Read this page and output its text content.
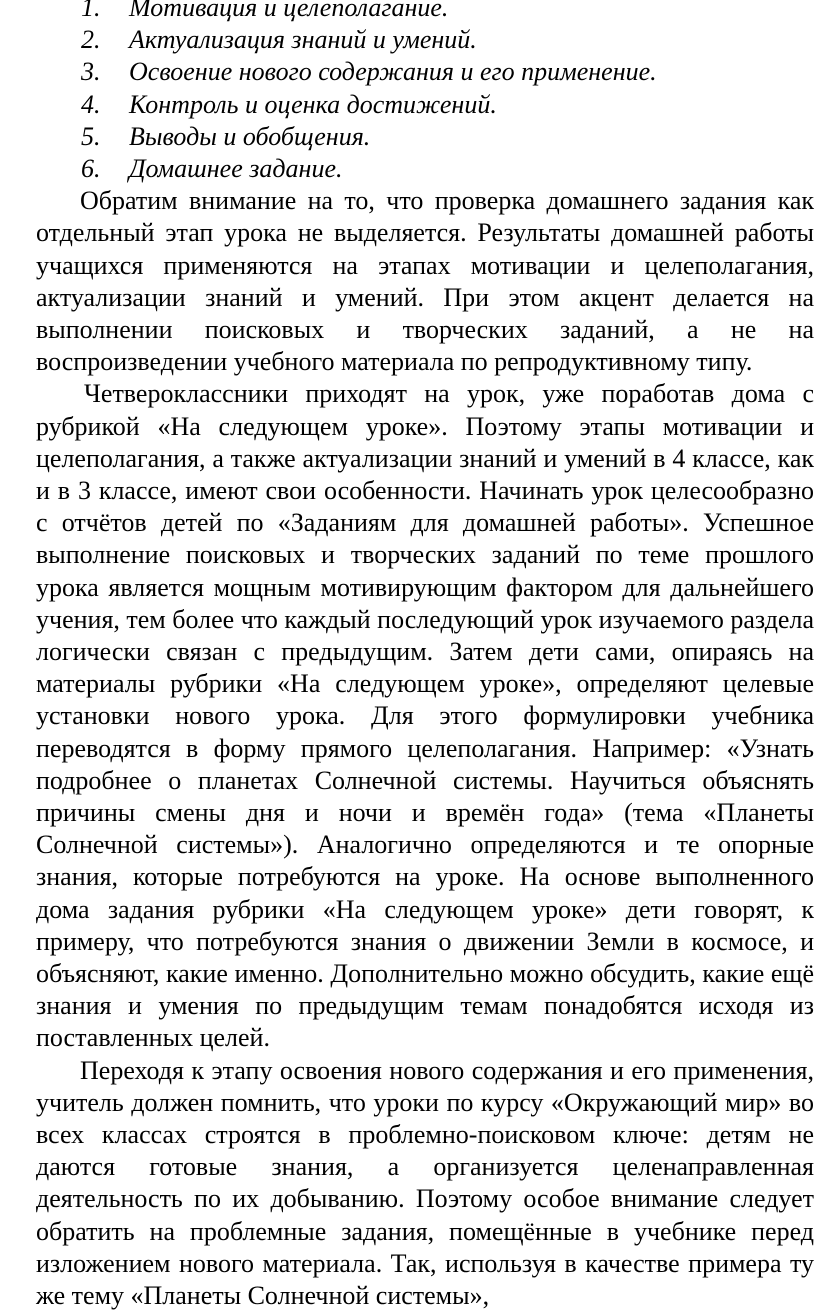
1.	Мотивация и целеполагание.
2.	Актуализация знаний и умений.
3.	Освоение нового содержания и его применение.
4.	Контроль и оценка достижений.
5.	Выводы и обобщения.
6.	Домашнее задание.

Обратим внимание на то, что проверка домашнего задания как отдельный этап урока не выделяется. Результаты домашней работы учащихся применяются на этапах мотивации и целеполагания, актуализации знаний и умений. При этом акцент делается на выполнении поисковых и творческих заданий, а не на воспроизведении учебного материала по репродуктивному типу.

Четвероклассники приходят на урок, уже поработав дома с рубрикой «На следующем уроке». Поэтому этапы мотивации и целеполагания, а также актуализации знаний и умений в 4 классе, как и в 3 классе, имеют свои особенности. Начинать урок целесообразно с отчётов детей по «Заданиям для домашней работы». Успешное выполнение поисковых и творческих заданий по теме прошлого урока является мощным мотивирующим фактором для дальнейшего учения, тем более что каждый последующий урок изучаемого раздела логически связан с предыдущим. Затем дети сами, опираясь на материалы рубрики «На следующем уроке», определяют целевые установки нового урока. Для этого формулировки учебника переводятся в форму прямого целеполагания. Например: «Узнать подробнее о планетах Солнечной системы. Научиться объяснять причины смены дня и ночи и времён года» (тема «Планеты Солнечной системы»). Аналогично определяются и те опорные знания, которые потребуются на уроке. На основе выполненного дома задания рубрики «На следующем уроке» дети говорят, к примеру, что потребуются знания о движении Земли в космосе, и объясняют, какие именно. Дополнительно можно обсудить, какие ещё знания и умения по предыдущим темам понадобятся исходя из поставленных целей.

Переходя к этапу освоения нового содержания и его применения, учитель должен помнить, что уроки по курсу «Окружающий мир» во всех классах строятся в проблемно-поисковом ключе: детям не даются готовые знания, а организуется целенаправленная деятельность по их добыванию. Поэтому особое внимание следует обратить на проблемные задания, помещённые в учебнике перед изложением нового материала. Так, используя в качестве примера ту же тему «Планеты Солнечной системы»,
